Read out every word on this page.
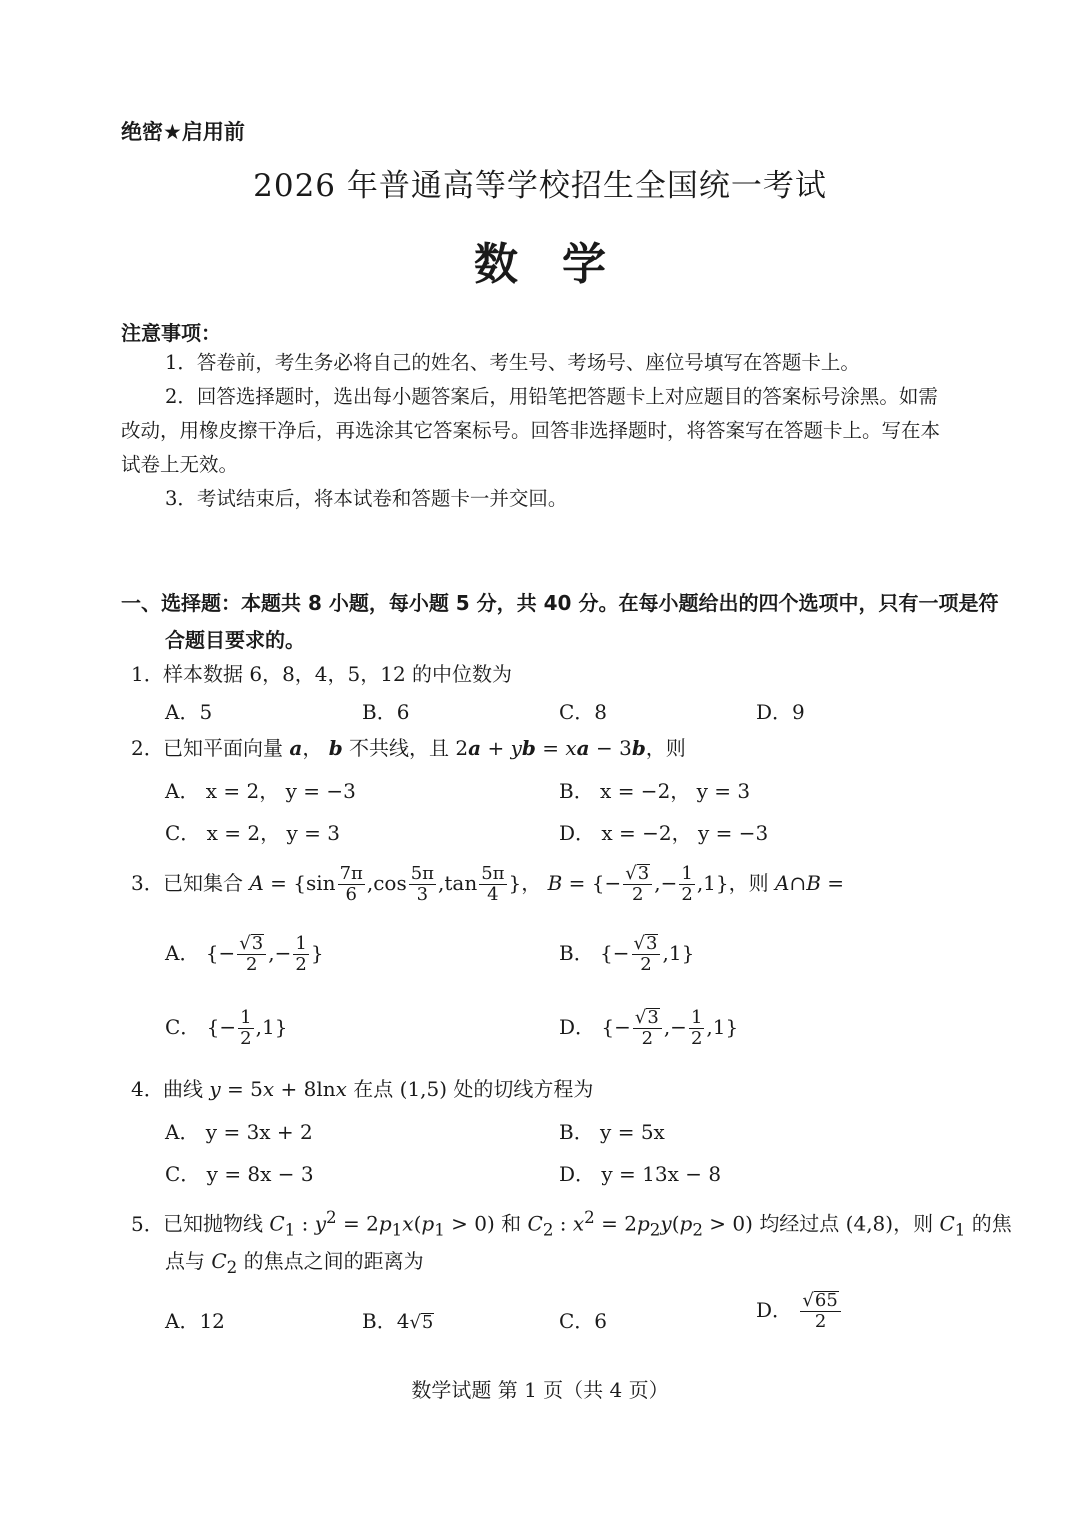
绝密★启用前
2026 年普通高等学校招生全国统一考试
数学
注意事项：
1．答卷前，考生务必将自己的姓名、考生号、考场号、座位号填写在答题卡上。
2．回答选择题时，选出每小题答案后，用铅笔把答题卡上对应题目的答案标号涂黑。如需改动，用橡皮擦干净后，再选涂其它答案标号。回答非选择题时，将答案写在答题卡上。写在本试卷上无效。
3．考试结束后，将本试卷和答题卡一并交回。
一、选择题：本题共 8 小题，每小题 5 分，共 40 分。在每小题给出的四个选项中，只有一项是符合题目要求的。
1．样本数据 6，8，4，5，12 的中位数为
A．5	B．6	C．8	D．9
2．已知平面向量 a， b 不共线，且 2a + yb = xa − 3b，则
A． x = 2， y = −3	B． x = −2， y = 3
C． x = 2， y = 3	D． x = −2， y = −3
3．已知集合 $A = \{\sin \frac{7\pi}{6} ,\cos \frac{5\pi}{3} ,\tan \frac{5\pi}{4}$ }， B = {− $\frac{√ 3}{2}$ ,− $\frac{1}{2} ,1$}，则 A∩B =
A． {− $\frac{√ 3}{2}$ ,− $\frac{1}{2}$ }	B． {− $\frac{√ 3}{2} ,1$}
C． {− $\frac{1}{2} ,1$}	D． {− $\frac{√ 3}{2}$ ,− $\frac{1}{2} ,1$}
4．曲线 y = 5x + 8lnx 在点 (1,5) 处的切线方程为
A． y = 3x + 2	B． y = 5x
C． y = 8x − 3	D． y = 13x − 8
5．已知抛物线 $C_1$ : $y^2 = 2p_1x(p_1 > 0)$ 和 $C_2$ : $x^2 = 2p_2y(p_2 > 0)$ 均经过点 (4,8)，则 $C_1$ 的焦
点与 $C_2$ 的焦点之间的距离为
A．12	B．4 √ 5	C．6	D． $\frac{√ 65}{2}$
数学试题 第 1 页（共 4 页）
